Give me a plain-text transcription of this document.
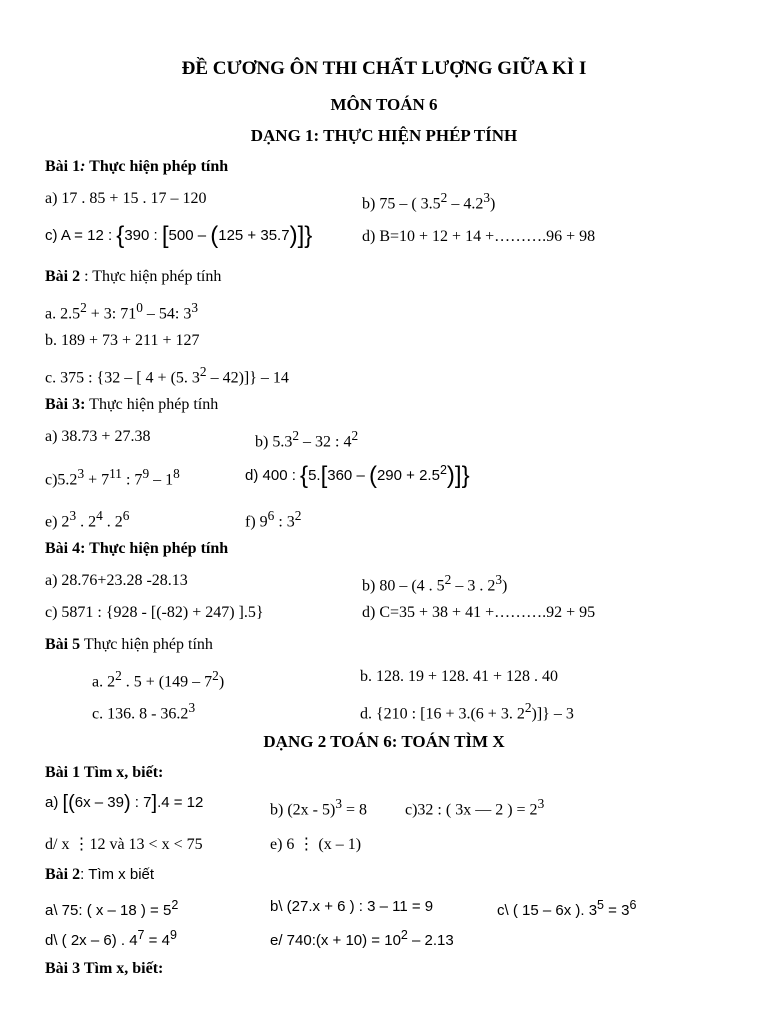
ĐỀ CƯƠNG ÔN THI CHẤT LƯỢNG GIỮA KÌ I
MÔN TOÁN 6
DẠNG 1: THỰC HIỆN PHÉP TÍNH
Bài 1: Thực hiện phép tính
a) 17 . 85 + 15 . 17 – 120	b) 75 – ( $3.5^2 - 4.2^3$)
c) A = 12 : {390 : [500 – (125 + 35.7)]}	d) B=10 + 12 + 14 +……….96 + 98
Bài 2 : Thực hiện phép tính
a. $2.5^2 + 3$: $71^0 - 54$: $3^3$
b. 189 + 73 + 211 + 127
c. 375 : {32 – [ 4 + (5. $3^2 - 42)]\} - 14$
Bài 3: Thực hiện phép tính
a) 38.73 + 27.38	b) $5.3^2 - 32$ : $4^2$
$c)5.2^3 + 7^{11}$ : $7^9 - 1^8$	d) 400 : $\{5.[360 - (290 + 2.5^2)]\}$
e) $2^3$ . $2^4$ . $2^6$	f) $9^6$ : $3^2$
Bài 4: Thực hiện phép tính
a) 28.76+23.28 -28.13	b) 80 – (4 . $5^2 - 3$ . $2^3$)
c) 5871 : {928 - [(-82) + 247) ].5}	d) C=35 + 38 + 41 +……….92 + 95
Bài 5 Thực hiện phép tính
a. $2^2$ . $5 + (149 - 7^2)$	b. 128. 19 + 128. 41 + 128 . 40
c. 136. 8 - 36.2$^3$	d. {210 : [16 + 3.(6 + 3. $2^2)]\} - 3$
DẠNG 2 TOÁN 6: TOÁN TÌM X
Bài 1 Tìm x, biết:
a) [(6x – 39) : 7].4 = 12	b) (2x - 5)$^3$ = 8 c)32 : ( 3x — 2 ) = $2^3$
d/ x ⋮12 và 13 < x < 75	e) 6 ⋮ (x – 1)
Bài 2: Tìm x biết
a\ 75: ( x – 18 ) = $5^2$	b\ (27.x + 6 ) : 3 – 11 = 9	c\ ( 15 – 6x ). $3^5 = 3^6$
d\ ( 2x – 6) . $4^7 = 4^9$	e/ 740:(x + $10) = 10^2 - 2.13$
Bài 3 Tìm x, biết:
